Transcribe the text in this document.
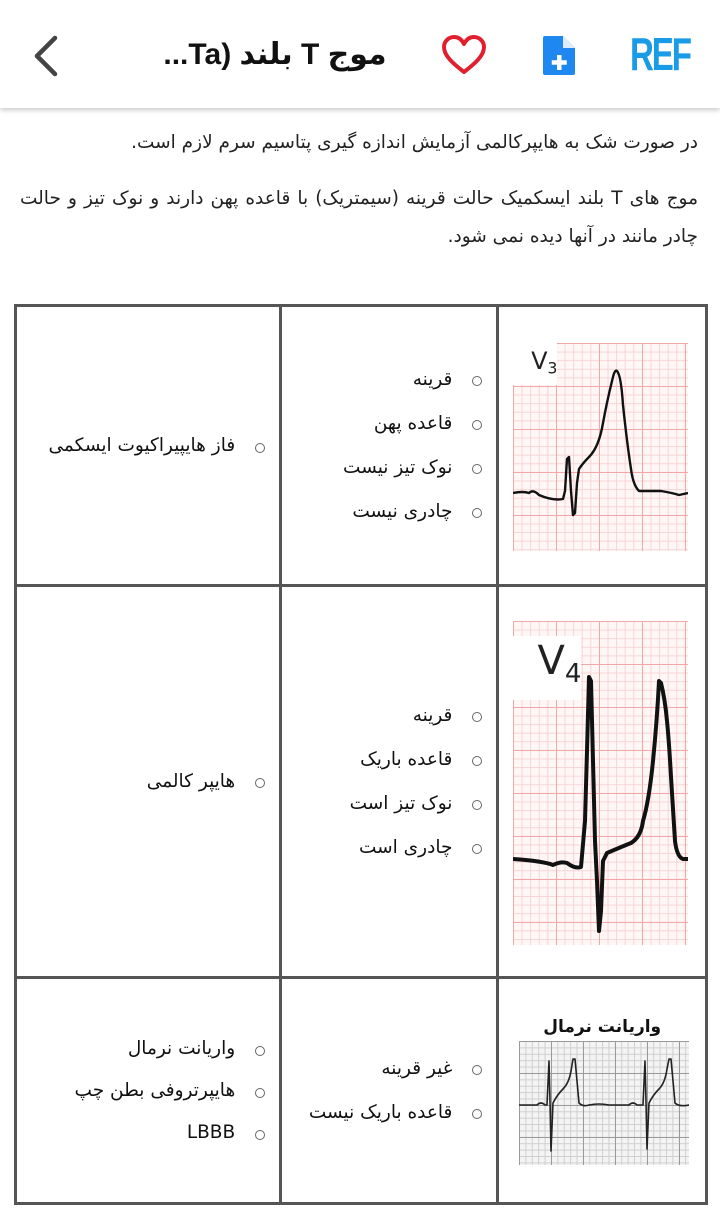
موج T بلند (Ta...	REF

در صورت شک به هایپرکالمی آزمایش اندازه گیری پتاسیم سرم لازم است.

موج های T بلند ایسکمیک حالت قرینه (سیمتریک) با قاعده پهن دارند و نوک تیز و حالت چادر مانند در آنها دیده نمی شود.

$V_3$

قرینه
قاعده پهن
نوک تیز نیست
چادری نیست

فاز هایپیراکیوت ایسکمی

$V_4$

قرینه
قاعده باریک
نوک تیز است
چادری است

هایپر کالمی

واریانت نرمال

غیر قرینه
قاعده باریک نیست

واریانت نرمال
هایپرتروفی بطن چپ
LBBB
